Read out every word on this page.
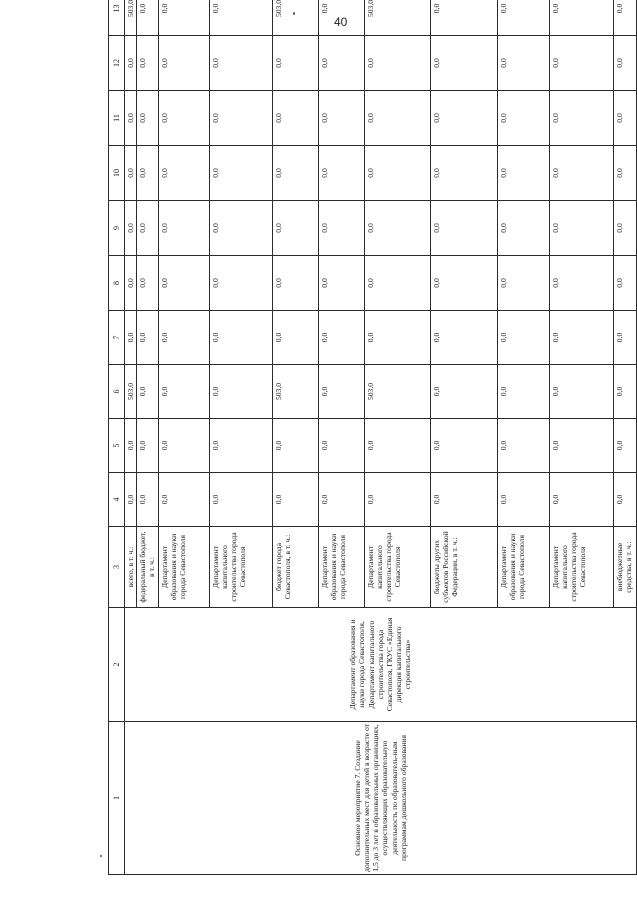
40
1	2	3	4	5	6	7	8	9	10	11	12	13
Основное мероприятие 7. Создание дополнительных мест для детей в возрасте от 1,5 до 3 лет в образовательных организациях, осуществляющих образовательную деятельность по образователь-ным программам дошкольного образования	Департамент образования и науки города Севастополя, Департамент капитального строительства города Севастополя, ГКУС «Единая дирекция капитального строительства»	всего, в т. ч.:	0,0	0,0	503,0	0,0	0,0	0,0	0,0	0,0	0,0	503,0
		федеральный бюджет, в т. ч.:	0,0	0,0	0,0	0,0	0,0	0,0	0,0	0,0	0,0	0,0
		Департамент образования и науки города Севастополя	0,0	0,0	0,0	0,0	0,0	0,0	0,0	0,0	0,0	0,0
		Департамент капитального строительства города Севастополя	0,0	0,0	0,0	0,0	0,0	0,0	0,0	0,0	0,0	0,0
		бюджет города Севастополя, в т. ч.:	0,0	0,0	503,0	0,0	0,0	0,0	0,0	0,0	0,0	503,0
		Департамент образования и науки города Севастополя	0,0	0,0	0,0	0,0	0,0	0,0	0,0	0,0	0,0	0,0
		Департамент капитального строительства города Севастополя	0,0	0,0	503,0	0,0	0,0	0,0	0,0	0,0	0,0	503,0
		бюджеты других субъектов Российской Федерации, в т. ч.:	0,0	0,0	0,0	0,0	0,0	0,0	0,0	0,0	0,0	0,0
		Департамент образования и науки города Севастополя	0,0	0,0	0,0	0,0	0,0	0,0	0,0	0,0	0,0	0,0
		Департамент капитального строительства города Севастополя	0,0	0,0	0,0	0,0	0,0	0,0	0,0	0,0	0,0	0,0
		внебюджетные средства, в т. ч.:	0,0	0,0	0,0	0,0	0,0	0,0	0,0	0,0	0,0	0,0
